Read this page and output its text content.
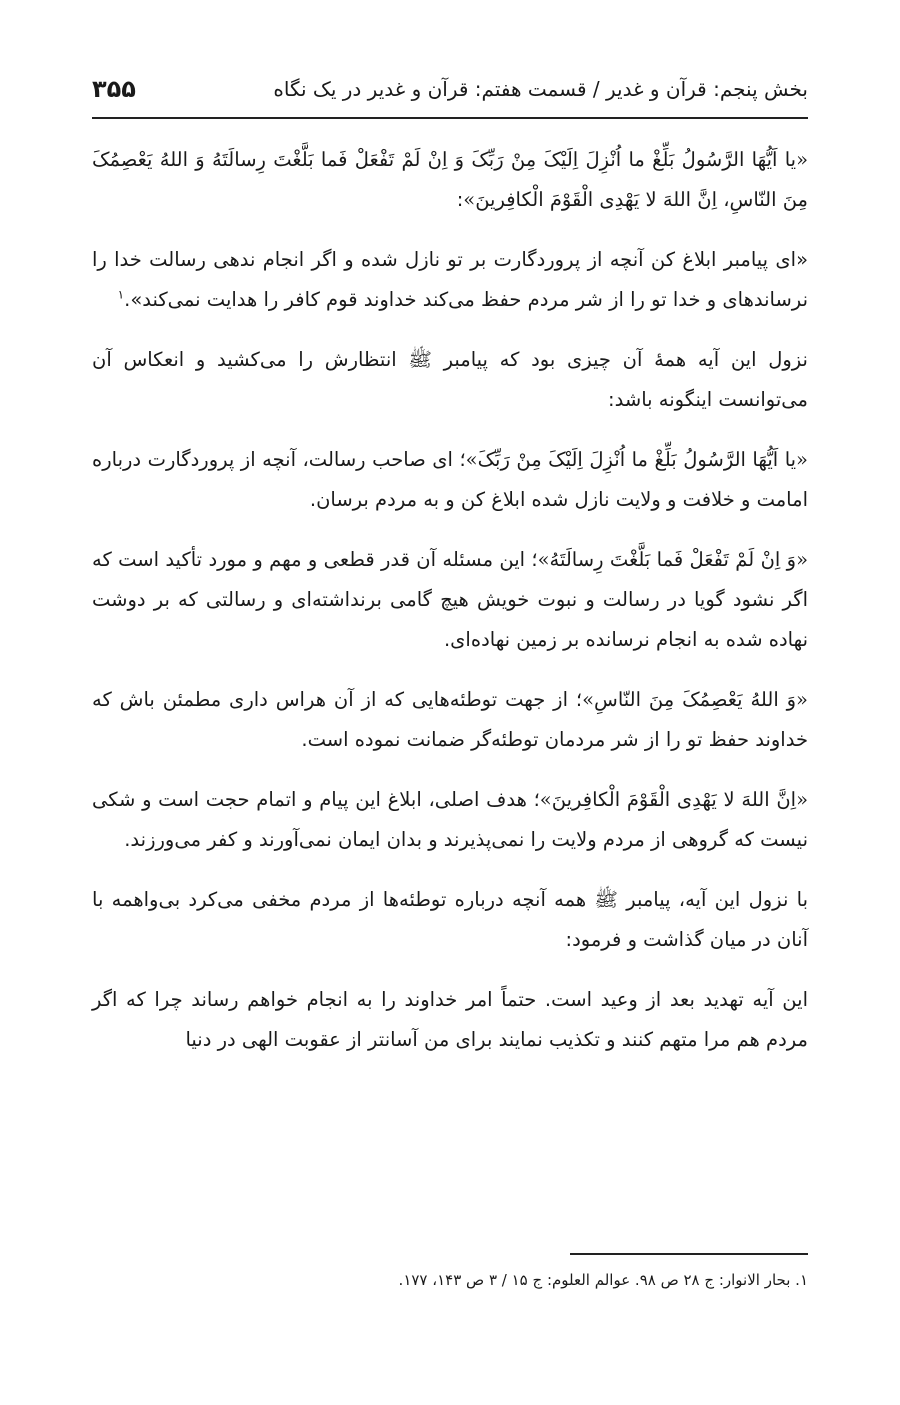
بخش پنجم: قرآن و غدیر / قسمت هفتم: قرآن و غدیر در یک نگاه
۳۵۵

«یا اَیُّهَا الرَّسُولُ بَلِّغْ ما اُنْزِلَ اِلَیْکَ مِنْ رَبِّکَ وَ اِنْ لَمْ تَفْعَلْ فَما بَلَّغْتَ رِسالَتَهُ وَ اللهُ یَعْصِمُکَ مِنَ النّاسِ، اِنَّ اللهَ لا یَهْدِی الْقَوْمَ الْکافِرینَ»:

«ای پیامبر ابلاغ کن آنچه از پروردگارت بر تو نازل شده و اگر انجام ندهی رسالت خدا را نرساندهای و خدا تو را از شر مردم حفظ می‌کند خداوند قوم کافر را هدایت نمی‌کند».$^۱$

نزول این آیه همهٔ آن چیزی بود که پیامبر ﷺ انتظارش را می‌کشید و انعکاس آن می‌توانست اینگونه باشد:

«یا اَیُّهَا الرَّسُولُ بَلِّغْ ما اُنْزِلَ اِلَیْکَ مِنْ رَبِّکَ»؛ ای صاحب رسالت، آنچه از پروردگارت درباره امامت و خلافت و ولایت نازل شده ابلاغ کن و به مردم برسان.

«وَ اِنْ لَمْ تَفْعَلْ فَما بَلَّغْتَ رِسالَتَهُ»؛ این مسئله آن قدر قطعی و مهم و مورد تأکید است که اگر نشود گویا در رسالت و نبوت خویش هیچ گامی برنداشته‌ای و رسالتی که بر دوشت نهاده شده به انجام نرسانده بر زمین نهاده‌ای.

«وَ اللهُ یَعْصِمُکَ مِنَ النّاسِ»؛ از جهت توطئه‌هایی که از آن هراس داری مطمئن باش که خداوند حفظ تو را از شر مردمان توطئه‌گر ضمانت نموده است.

«اِنَّ اللهَ لا یَهْدِی الْقَوْمَ الْکافِرینَ»؛ هدف اصلی، ابلاغ این پیام و اتمام حجت است و شکی نیست که گروهی از مردم ولایت را نمی‌پذیرند و بدان ایمان نمی‌آورند و کفر می‌ورزند.

با نزول این آیه، پیامبر ﷺ همه آنچه درباره توطئه‌ها از مردم مخفی می‌کرد بی‌واهمه با آنان در میان گذاشت و فرمود:

این آیه تهدید بعد از وعید است. حتماً امر خداوند را به انجام خواهم رساند چرا که اگر مردم هم مرا متهم کنند و تکذیب نمایند برای من آسانتر از عقوبت الهی در دنیا

۱. بحار الانوار: ج ۲۸ ص ۹۸. عوالم العلوم: ج ۱۵ / ۳ ص ۱۴۳، ۱۷۷.
